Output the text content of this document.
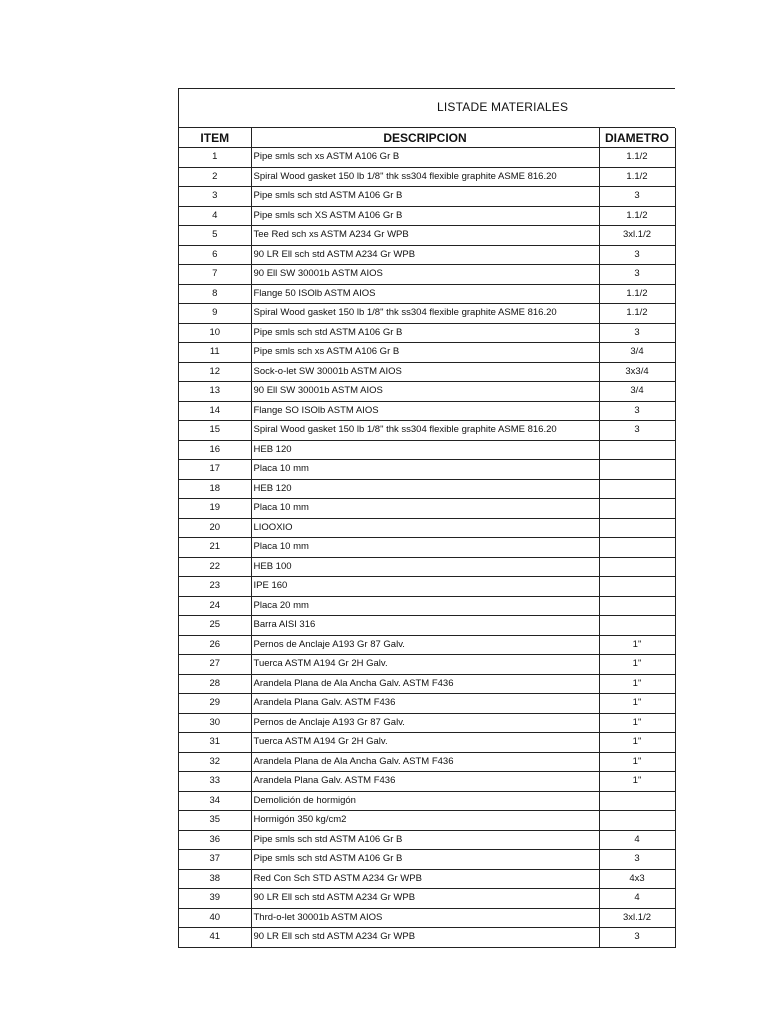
LISTADE MATERIALES
ITEM	DESCRIPCION	DIAMETRO
1	Pipe smls sch xs ASTM A106 Gr B	1.1/2
2	Spiral Wood gasket 150 lb 1/8" thk ss304 flexible graphite ASME 816.20	1.1/2
3	Pipe smls sch std ASTM A106 Gr B	3
4	Pipe smls sch XS ASTM A106 Gr B	1.1/2
5	Tee Red sch xs ASTM A234 Gr WPB	3xl.1/2
6	90 LR Ell sch std ASTM A234 Gr WPB	3
7	90 Ell SW 30001b ASTM AIOS	3
8	Flange 50 ISOlb ASTM AIOS	1.1/2
9	Spiral Wood gasket 150 lb 1/8" thk ss304 flexible graphite ASME 816.20	1.1/2
10	Pipe smls sch std ASTM A106 Gr B	3
11	Pipe smls sch xs ASTM A106 Gr B	3/4
12	Sock-o-let SW 30001b ASTM AIOS	3x3/4
13	90 Ell SW 30001b ASTM AIOS	3/4
14	Flange SO ISOlb ASTM AIOS	3
15	Spiral Wood gasket 150 lb 1/8" thk ss304 flexible graphite ASME 816.20	3
16	HEB 120	
17	Placa 10 mm	
18	HEB 120	
19	Placa 10 mm	
20	LIOOXIO	
21	Placa 10 mm	
22	HEB 100	
23	IPE 160	
24	Placa 20 mm	
25	Barra AISI 316	
26	Pernos de Anclaje A193 Gr 87 Galv.	1"
27	Tuerca ASTM A194 Gr 2H Galv.	1"
28	Arandela Plana de Ala Ancha Galv. ASTM F436	1"
29	Arandela Plana Galv. ASTM F436	1"
30	Pernos de Anclaje A193 Gr 87 Galv.	1"
31	Tuerca ASTM A194 Gr 2H Galv.	1"
32	Arandela Plana de Ala Ancha Galv. ASTM F436	1"
33	Arandela Plana Galv. ASTM F436	1"
34	Demolición de hormigón	
35	Hormigón 350 kg/cm2	
36	Pipe smls sch std ASTM A106 Gr B	4
37	Pipe smls sch std ASTM A106 Gr B	3
38	Red Con Sch STD ASTM A234 Gr WPB	4x3
39	90 LR Ell sch std ASTM A234 Gr WPB	4
40	Thrd-o-let 30001b ASTM AIOS	3xl.1/2
41	90 LR Ell sch std ASTM A234 Gr WPB	3
